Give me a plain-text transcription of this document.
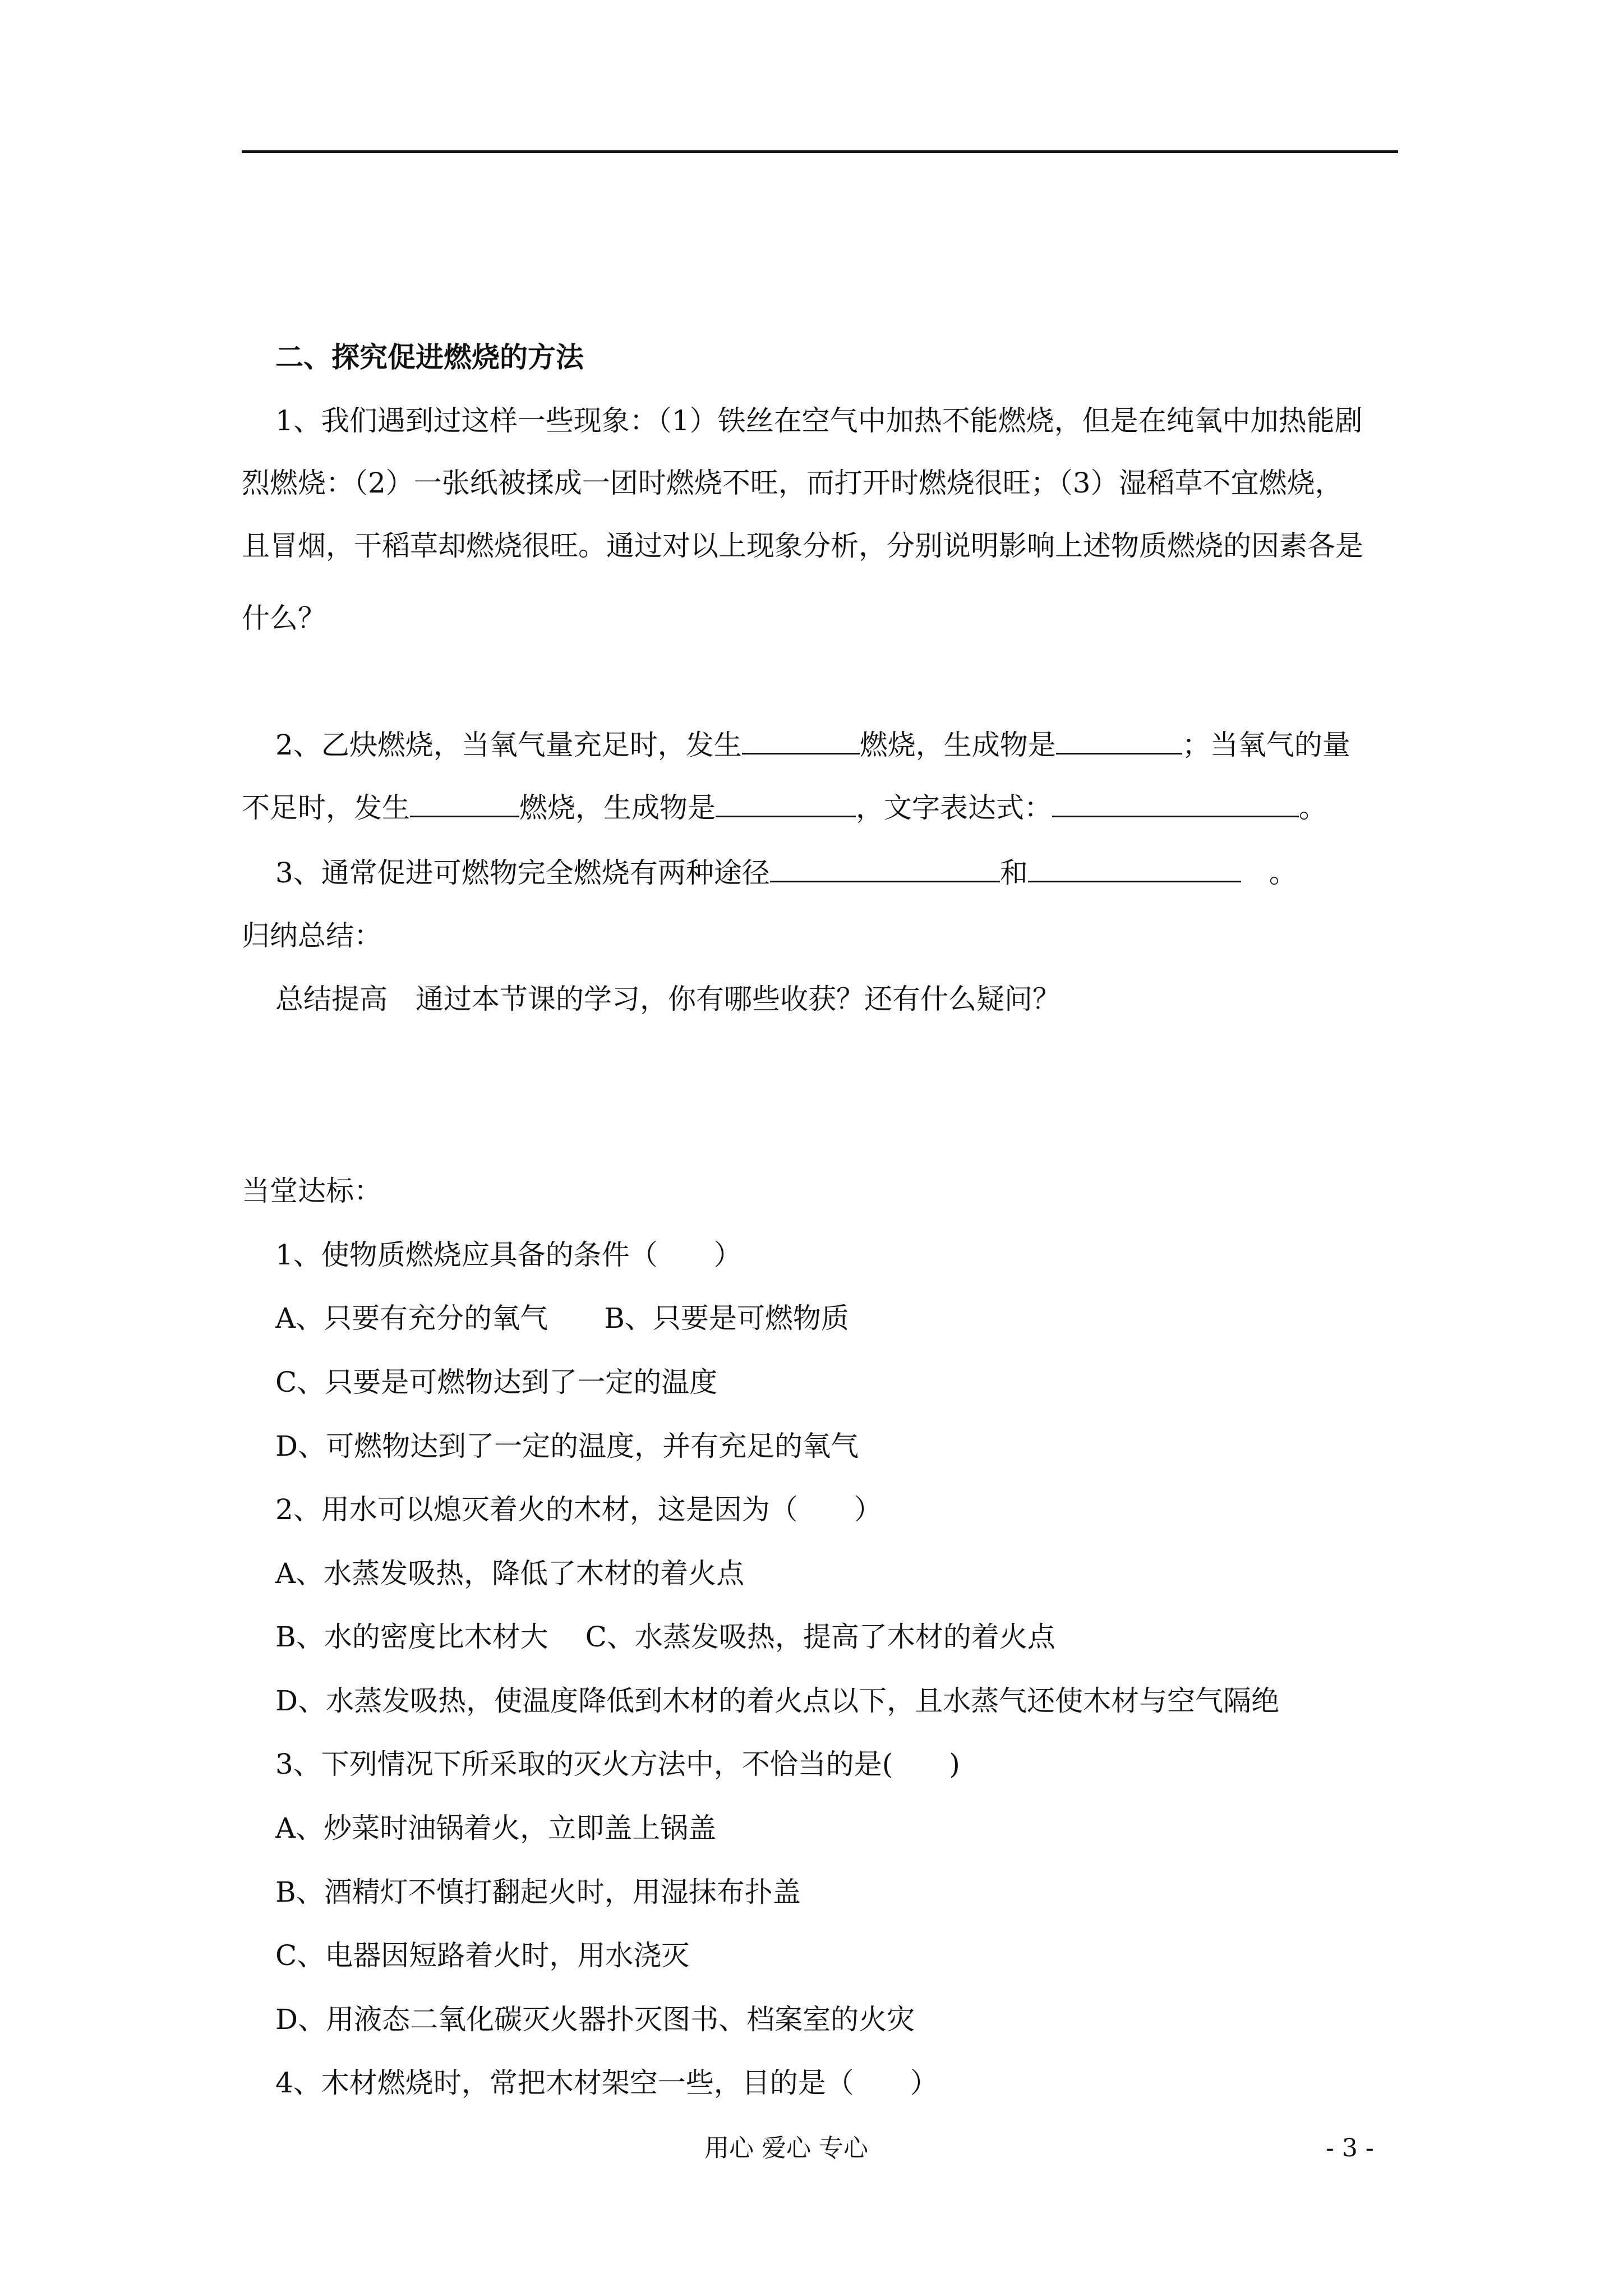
二、探究促进燃烧的方法
1、我们遇到过这样一些现象：（1）铁丝在空气中加热不能燃烧，但是在纯氧中加热能剧
烈燃烧：（2）一张纸被揉成一团时燃烧不旺，而打开时燃烧很旺；（3）湿稻草不宜燃烧，
且冒烟，干稻草却燃烧很旺。通过对以上现象分析，分别说明影响上述物质燃烧的因素各是
什么？
2、乙炔燃烧，当氧气量充足时，发生	燃烧，生成物是	；当氧气的量
不足时，发生	燃烧，生成物是	，文字表达式：	。
3、通常促进可燃物完全燃烧有两种途径	和	。
归纳总结：
总结提高　通过本节课的学习，你有哪些收获？还有什么疑问？
当堂达标：
1、使物质燃烧应具备的条件（　　）
A、只要有充分的氧气　　B、只要是可燃物质
C、只要是可燃物达到了一定的温度
D、可燃物达到了一定的温度，并有充足的氧气
2、用水可以熄灭着火的木材，这是因为（　　）
A、水蒸发吸热，降低了木材的着火点
B、水的密度比木材大　 C、水蒸发吸热，提高了木材的着火点
D、水蒸发吸热，使温度降低到木材的着火点以下，且水蒸气还使木材与空气隔绝
3、下列情况下所采取的灭火方法中，不恰当的是(　　)
A、炒菜时油锅着火，立即盖上锅盖
B、酒精灯不慎打翻起火时，用湿抹布扑盖
C、电器因短路着火时，用水浇灭
D、用液态二氧化碳灭火器扑灭图书、档案室的火灾
4、木材燃烧时，常把木材架空一些，目的是（　　）
用心 爱心 专心	- 3 -
